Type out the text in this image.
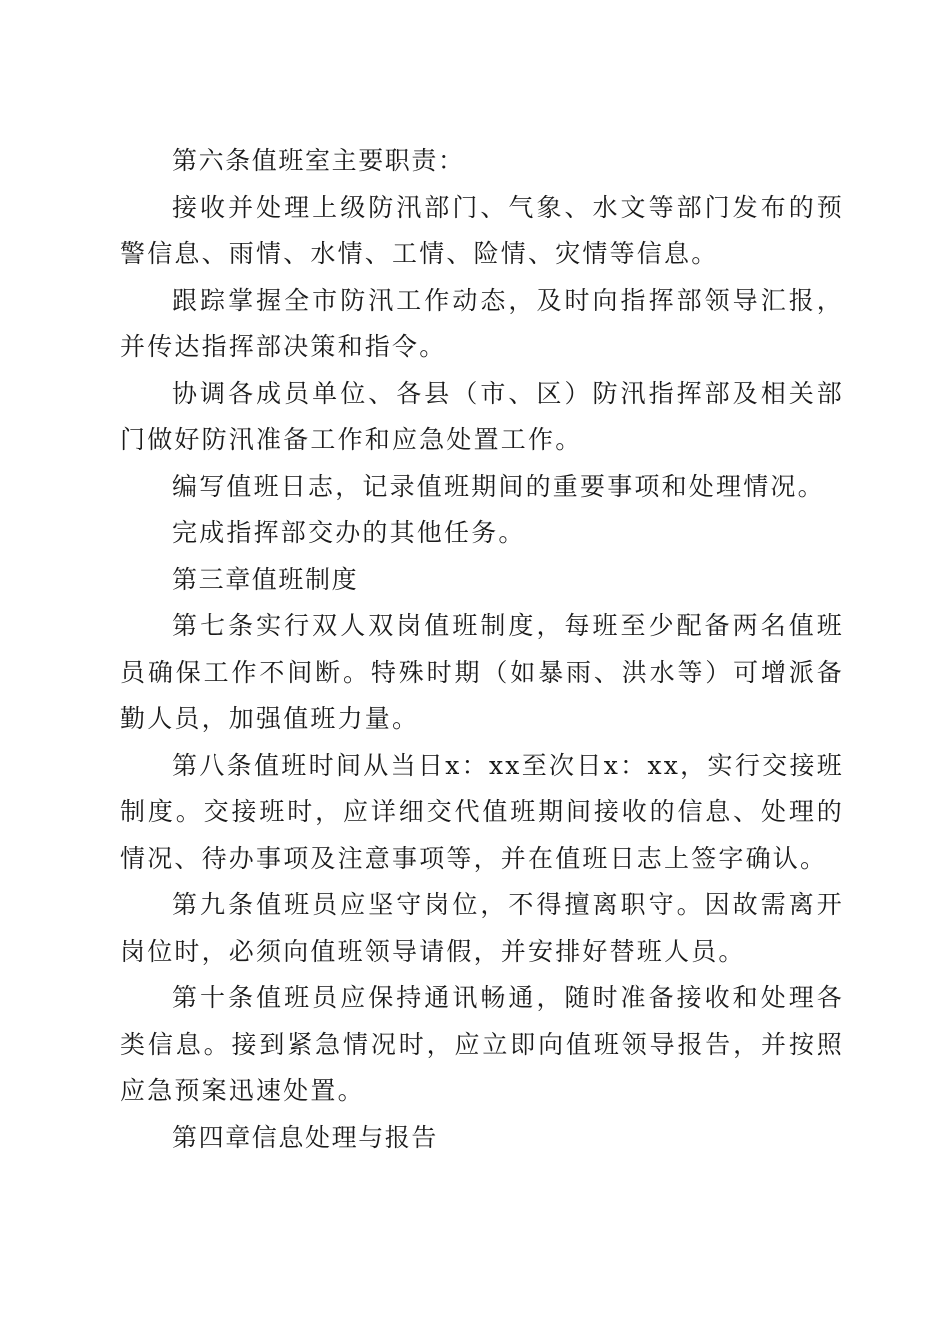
第六条值班室主要职责：

接收并处理上级防汛部门、气象、水文等部门发布的预警信息、雨情、水情、工情、险情、灾情等信息。

跟踪掌握全市防汛工作动态，及时向指挥部领导汇报，并传达指挥部决策和指令。

协调各成员单位、各县（市、区）防汛指挥部及相关部门做好防汛准备工作和应急处置工作。

编写值班日志，记录值班期间的重要事项和处理情况。

完成指挥部交办的其他任务。

第三章值班制度

第七条实行双人双岗值班制度，每班至少配备两名值班员确保工作不间断。特殊时期（如暴雨、洪水等）可增派备勤人员，加强值班力量。

第八条值班时间从当日x：xx至次日x：xx，实行交接班制度。交接班时，应详细交代值班期间接收的信息、处理的情况、待办事项及注意事项等，并在值班日志上签字确认。

第九条值班员应坚守岗位，不得擅离职守。因故需离开岗位时，必须向值班领导请假，并安排好替班人员。

第十条值班员应保持通讯畅通，随时准备接收和处理各类信息。接到紧急情况时，应立即向值班领导报告，并按照应急预案迅速处置。

第四章信息处理与报告
